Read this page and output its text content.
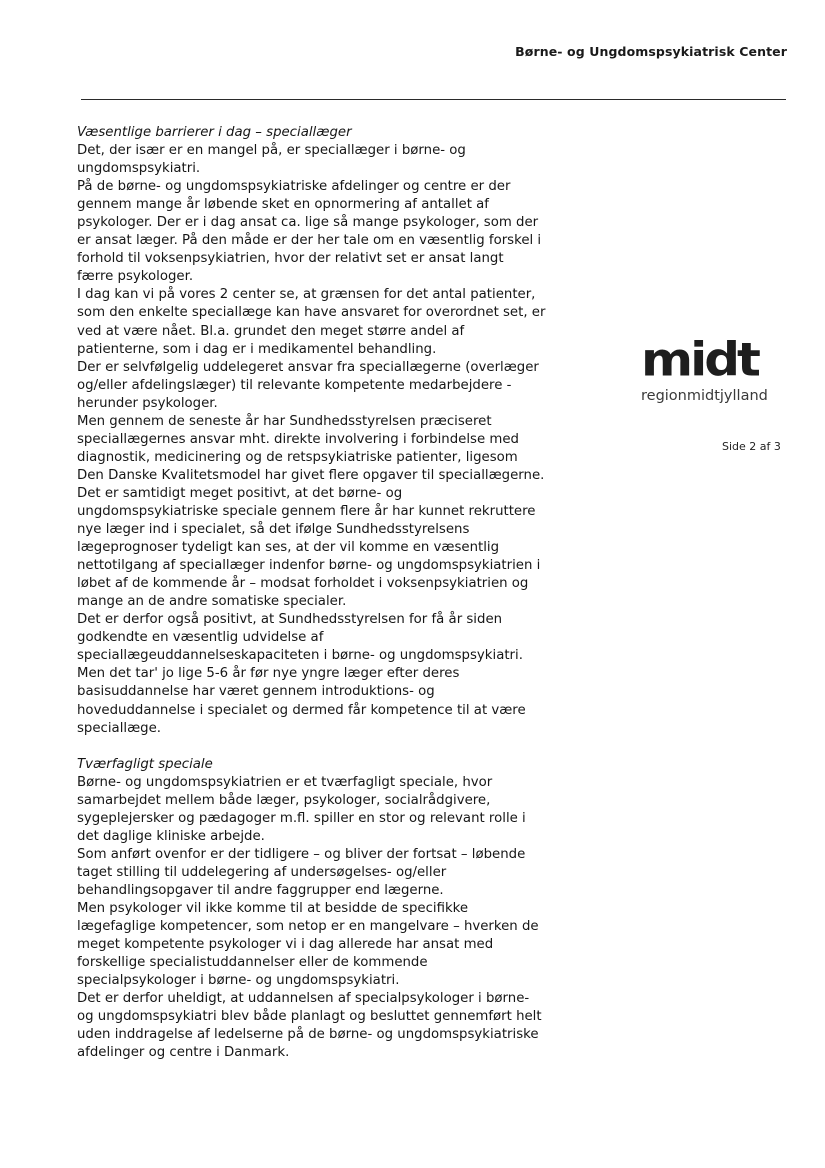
Børne- og Ungdomspsykiatrisk Center
midt
regionmidtjylland
Side 2 af 3
Væsentlige barrierer i dag – speciallæger
Det, der især er en mangel på, er speciallæger i børne- og
ungdomspsykiatri.
På de børne- og ungdomspsykiatriske afdelinger og centre er der
gennem mange år løbende sket en opnormering af antallet af
psykologer. Der er i dag ansat ca. lige så mange psykologer, som der
er ansat læger. På den måde er der her tale om en væsentlig forskel i
forhold til voksenpsykiatrien, hvor der relativt set er ansat langt
færre psykologer.
I dag kan vi på vores 2 center se, at grænsen for det antal patienter,
som den enkelte speciallæge kan have ansvaret for overordnet set, er
ved at være nået. Bl.a. grundet den meget større andel af
patienterne, som i dag er i medikamentel behandling.
Der er selvfølgelig uddelegeret ansvar fra speciallægerne (overlæger
og/eller afdelingslæger) til relevante kompetente medarbejdere -
herunder psykologer.
Men gennem de seneste år har Sundhedsstyrelsen præciseret
speciallægernes ansvar mht. direkte involvering i forbindelse med
diagnostik, medicinering og de retspsykiatriske patienter, ligesom
Den Danske Kvalitetsmodel har givet flere opgaver til speciallægerne.
Det er samtidigt meget positivt, at det børne- og
ungdomspsykiatriske speciale gennem flere år har kunnet rekruttere
nye læger ind i specialet, så det ifølge Sundhedsstyrelsens
lægeprognoser tydeligt kan ses, at der vil komme en væsentlig
nettotilgang af speciallæger indenfor børne- og ungdomspsykiatrien i
løbet af de kommende år – modsat forholdet i voksenpsykiatrien og
mange an de andre somatiske specialer.
Det er derfor også positivt, at Sundhedsstyrelsen for få år siden
godkendte en væsentlig udvidelse af
speciallægeuddannelseskapaciteten i børne- og ungdomspsykiatri.
Men det tar' jo lige 5-6 år før nye yngre læger efter deres
basisuddannelse har været gennem introduktions- og
hoveduddannelse i specialet og dermed får kompetence til at være
speciallæge.
Tværfagligt speciale
Børne- og ungdomspsykiatrien er et tværfagligt speciale, hvor
samarbejdet mellem både læger, psykologer, socialrådgivere,
sygeplejersker og pædagoger m.fl. spiller en stor og relevant rolle i
det daglige kliniske arbejde.
Som anført ovenfor er der tidligere – og bliver der fortsat – løbende
taget stilling til uddelegering af undersøgelses- og/eller
behandlingsopgaver til andre faggrupper end lægerne.
Men psykologer vil ikke komme til at besidde de specifikke
lægefaglige kompetencer, som netop er en mangelvare – hverken de
meget kompetente psykologer vi i dag allerede har ansat med
forskellige specialistuddannelser eller de kommende
specialpsykologer i børne- og ungdomspsykiatri.
Det er derfor uheldigt, at uddannelsen af specialpsykologer i børne-
og ungdomspsykiatri blev både planlagt og besluttet gennemført helt
uden inddragelse af ledelserne på de børne- og ungdomspsykiatriske
afdelinger og centre i Danmark.
